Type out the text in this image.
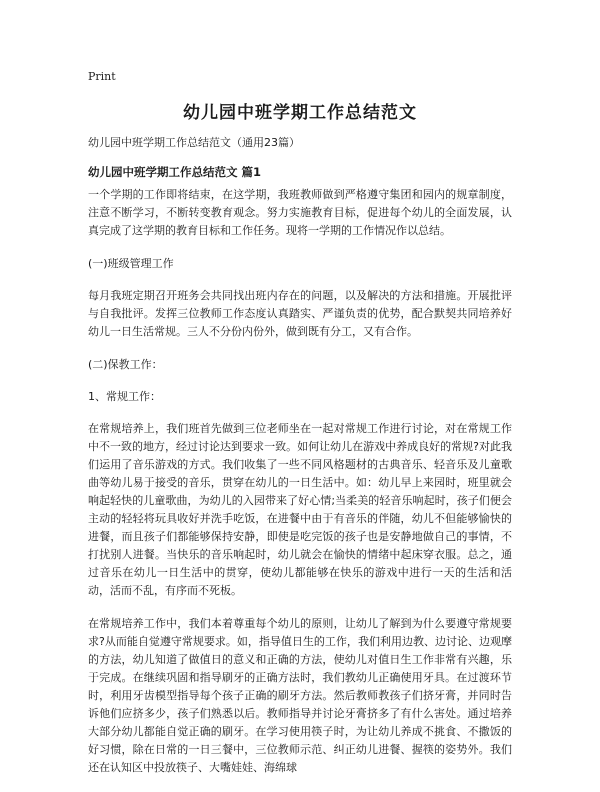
Print
幼儿园中班学期工作总结范文
幼儿园中班学期工作总结范文（通用23篇）
幼儿园中班学期工作总结范文 篇1

一个学期的工作即将结束，在这学期，我班教师做到严格遵守集团和园内的规章制度，注意不断学习，不断转变教育观念。努力实施教育目标，促进每个幼儿的全面发展，认真完成了这学期的教育目标和工作任务。现将一学期的工作情况作以总结。

(一)班级管理工作

每月我班定期召开班务会共同找出班内存在的问题，以及解决的方法和措施。开展批评与自我批评。发挥三位教师工作态度认真踏实、严谨负责的优势，配合默契共同培养好幼儿一日生活常规。三人不分份内份外，做到既有分工，又有合作。

(二)保教工作：

1、常规工作：

在常规培养上，我们班首先做到三位老师坐在一起对常规工作进行讨论，对在常规工作中不一致的地方，经过讨论达到要求一致。如何让幼儿在游戏中养成良好的常规?对此我们运用了音乐游戏的方式。我们收集了一些不同风格题材的古典音乐、轻音乐及儿童歌曲等幼儿易于接受的音乐，贯穿在幼儿的一日生活中。如：幼儿早上来园时，班里就会响起轻快的儿童歌曲，为幼儿的入园带来了好心情;当柔美的轻音乐响起时，孩子们便会主动的轻轻将玩具收好并洗手吃饭，在进餐中由于有音乐的伴随，幼儿不但能够愉快的进餐，而且孩子们都能够保持安静，即使是吃完饭的孩子也是安静地做自己的事情，不打扰别人进餐。当快乐的音乐响起时，幼儿就会在愉快的情绪中起床穿衣服。总之，通过音乐在幼儿一日生活中的贯穿，使幼儿都能够在快乐的游戏中进行一天的生活和活动，活而不乱，有序而不死板。

在常规培养工作中，我们本着尊重每个幼儿的原则，让幼儿了解到为什么要遵守常规要求?从而能自觉遵守常规要求。如，指导值日生的工作，我们利用边教、边讨论、边观摩的方法，幼儿知道了做值日的意义和正确的方法，使幼儿对值日生工作非常有兴趣，乐于完成。在继续巩固和指导刷牙的正确方法时，我们教幼儿正确使用牙具。在过渡环节时，利用牙齿模型指导每个孩子正确的刷牙方法。然后教师教孩子们挤牙膏，并同时告诉他们应挤多少，孩子们熟悉以后。教师指导并讨论牙膏挤多了有什么害处。通过培养大部分幼儿都能自觉正确的刷牙。在学习使用筷子时，为让幼儿养成不挑食、不撒饭的好习惯，除在日常的一日三餐中，三位教师示范、纠正幼儿进餐、握筷的姿势外。我们还在认知区中投放筷子、大嘴娃娃、海绵球
